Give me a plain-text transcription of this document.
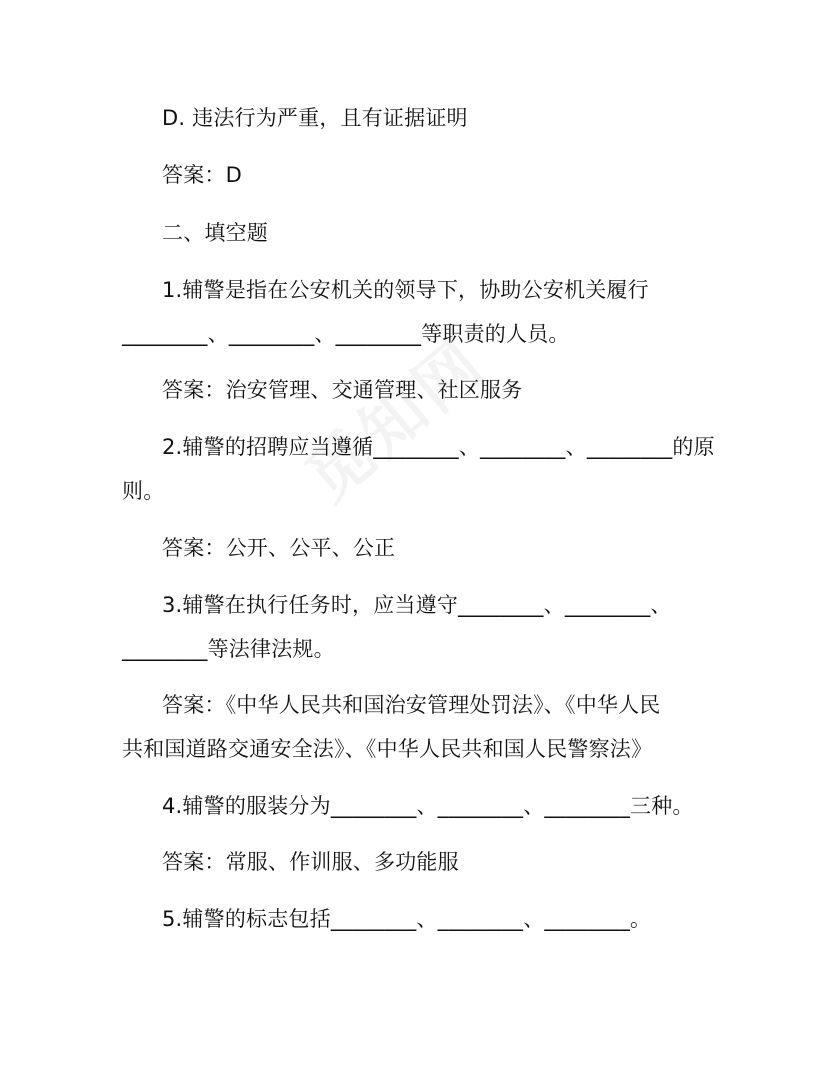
D. 违法行为严重，且有证据证明
答案：D
二、填空题
1.辅警是指在公安机关的领导下，协助公安机关履行
________、________、________等职责的人员。
答案：治安管理、交通管理、社区服务
2.辅警的招聘应当遵循________、________、________的原
则。
答案：公开、公平、公正
3.辅警在执行任务时，应当遵守________、________、
________等法律法规。
答案：《中华人民共和国治安管理处罚法》、《中华人民
共和国道路交通安全法》、《中华人民共和国人民警察法》
4.辅警的服装分为________、________、________三种。
答案：常服、作训服、多功能服
5.辅警的标志包括________、________、________。
